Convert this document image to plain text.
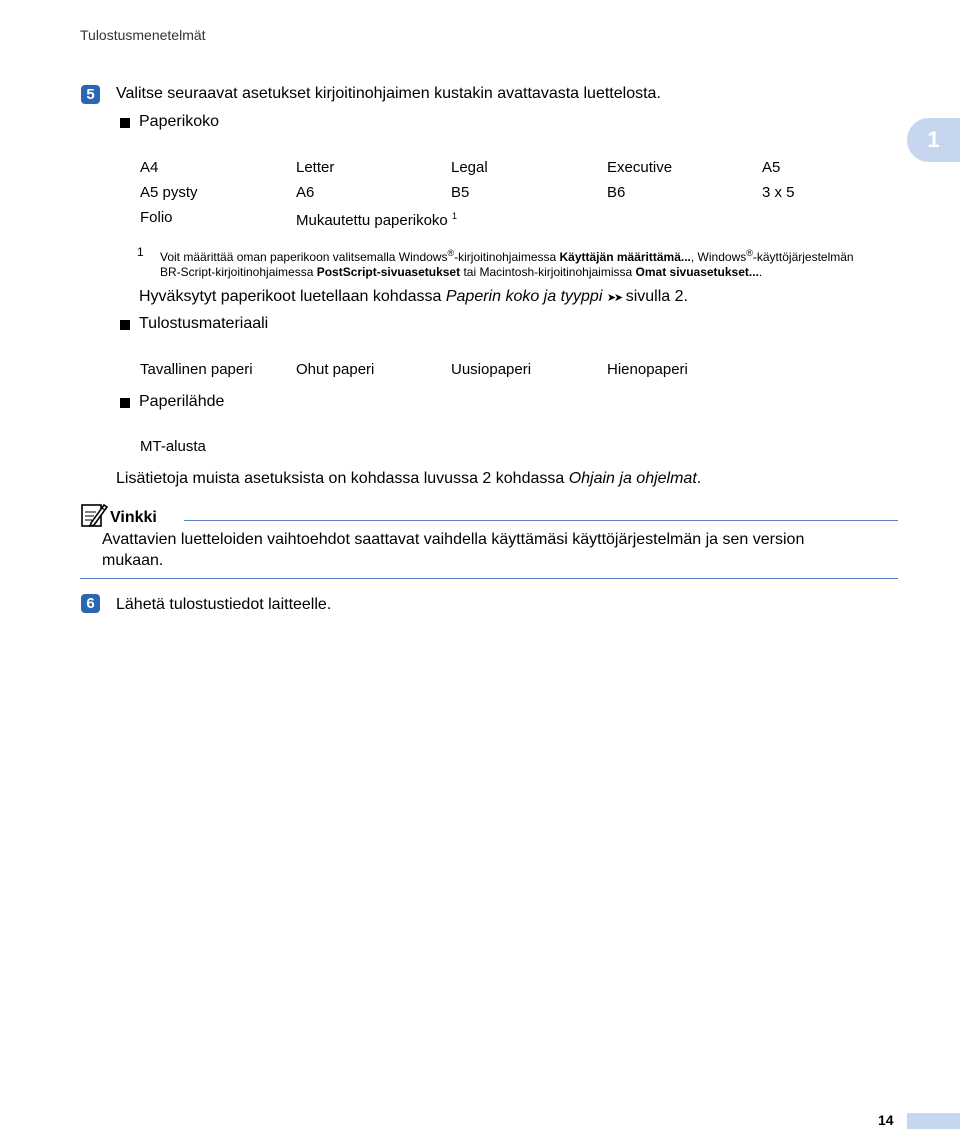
Tulostusmenetelmät
1
5	Valitse seuraavat asetukset kirjoitinohjaimen kustakin avattavasta luettelosta.
Paperikoko
A4	Letter	Legal	Executive	A5
A5 pysty	A6	B5	B6	3 x 5
Folio	Mukautettu paperikoko $^1$
1 Voit määrittää oman paperikoon valitsemalla Windows®-kirjoitinohjaimessa Käyttäjän määrittämä..., Windows®-käyttöjärjestelmän
BR-Script-kirjoitinohjaimessa PostScript-sivuasetukset tai Macintosh-kirjoitinohjaimissa Omat sivuasetukset....
Hyväksytyt paperikoot luetellaan kohdassa Paperin koko ja tyyppi ➤➤ sivulla 2.
Tulostusmateriaali
Tavallinen paperi	Ohut paperi	Uusiopaperi	Hienopaperi
Paperilähde
MT-alusta
Lisätietoja muista asetuksista on kohdassa luvussa 2 kohdassa Ohjain ja ohjelmat.
Vinkki
Avattavien luetteloiden vaihtoehdot saattavat vaihdella käyttämäsi käyttöjärjestelmän ja sen version
mukaan.
6	Lähetä tulostustiedot laitteelle.
14
